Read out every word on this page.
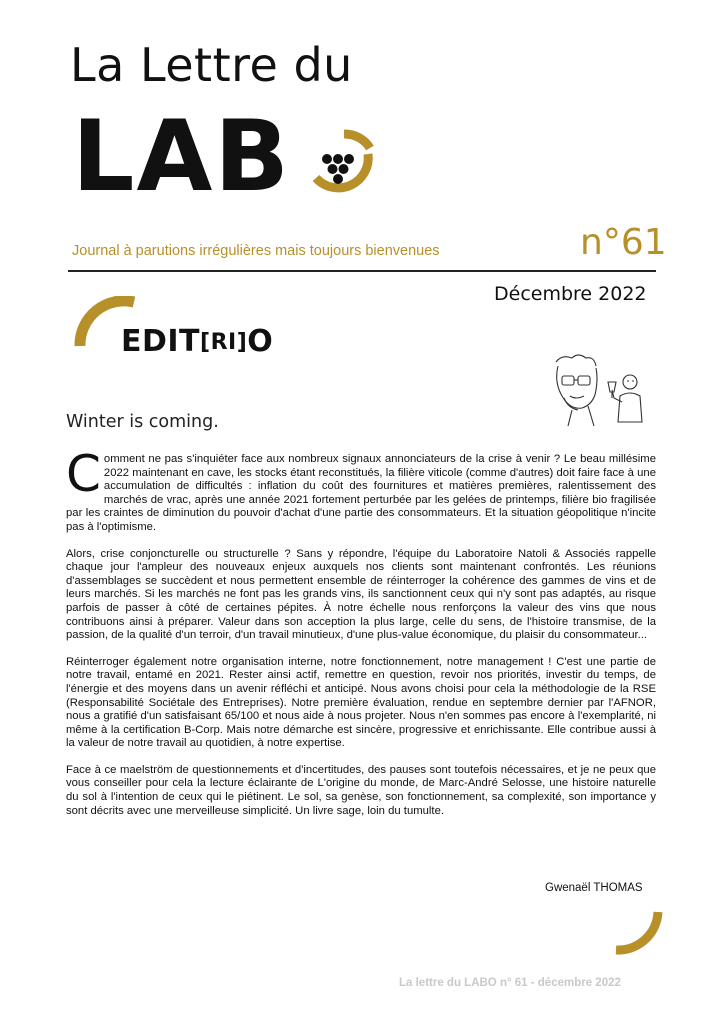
La Lettre du
LAB
Journal à parutions irrégulières mais toujours bienvenues	n°61
Décembre 2022
EDIT[RI]O
Winter is coming.

Comment ne pas s'inquiéter face aux nombreux signaux annonciateurs de la crise à venir ? Le beau millésime 2022 maintenant en cave, les stocks étant reconstitués, la filière viticole (comme d'autres) doit faire face à une accumulation de difficultés : inflation du coût des fournitures et matières premières, ralentissement des marchés de vrac, après une année 2021 fortement perturbée par les gelées de printemps, filière bio fragilisée par les craintes de diminution du pouvoir d'achat d'une partie des consommateurs. Et la situation géopolitique n'incite pas à l'optimisme.

Alors, crise conjoncturelle ou structurelle ? Sans y répondre, l'équipe du Laboratoire Natoli & Associés rappelle chaque jour l'ampleur des nouveaux enjeux auxquels nos clients sont maintenant confrontés. Les réunions d'assemblages se succèdent et nous permettent ensemble de réinterroger la cohérence des gammes de vins et de leurs marchés. Si les marchés ne font pas les grands vins, ils sanctionnent ceux qui n'y sont pas adaptés, au risque parfois de passer à côté de certaines pépites. À notre échelle nous renforçons la valeur des vins que nous contribuons ainsi à préparer. Valeur dans son acception la plus large, celle du sens, de l'histoire transmise, de la passion, de la qualité d'un terroir, d'un travail minutieux, d'une plus-value économique, du plaisir du consommateur...

Réinterroger également notre organisation interne, notre fonctionnement, notre management ! C'est une partie de notre travail, entamé en 2021. Rester ainsi actif, remettre en question, revoir nos priorités, investir du temps, de l'énergie et des moyens dans un avenir réfléchi et anticipé. Nous avons choisi pour cela la méthodologie de la RSE (Responsabilité Sociétale des Entreprises). Notre première évaluation, rendue en septembre dernier par l'AFNOR, nous a gratifié d'un satisfaisant 65/100 et nous aide à nous projeter. Nous n'en sommes pas encore à l'exemplarité, ni même à la certification B-Corp. Mais notre démarche est sincère, progressive et enrichissante. Elle contribue aussi à la valeur de notre travail au quotidien, à notre expertise.

Face à ce maelström de questionnements et d'incertitudes, des pauses sont toutefois nécessaires, et je ne peux que vous conseiller pour cela la lecture éclairante de L'origine du monde, de Marc-André Selosse, une histoire naturelle du sol à l'intention de ceux qui le piétinent. Le sol, sa genèse, son fonctionnement, sa complexité, son importance y sont décrits avec une merveilleuse simplicité. Un livre sage, loin du tumulte.

Gwenaël THOMAS
La lettre du LABO n° 61 - décembre 2022
